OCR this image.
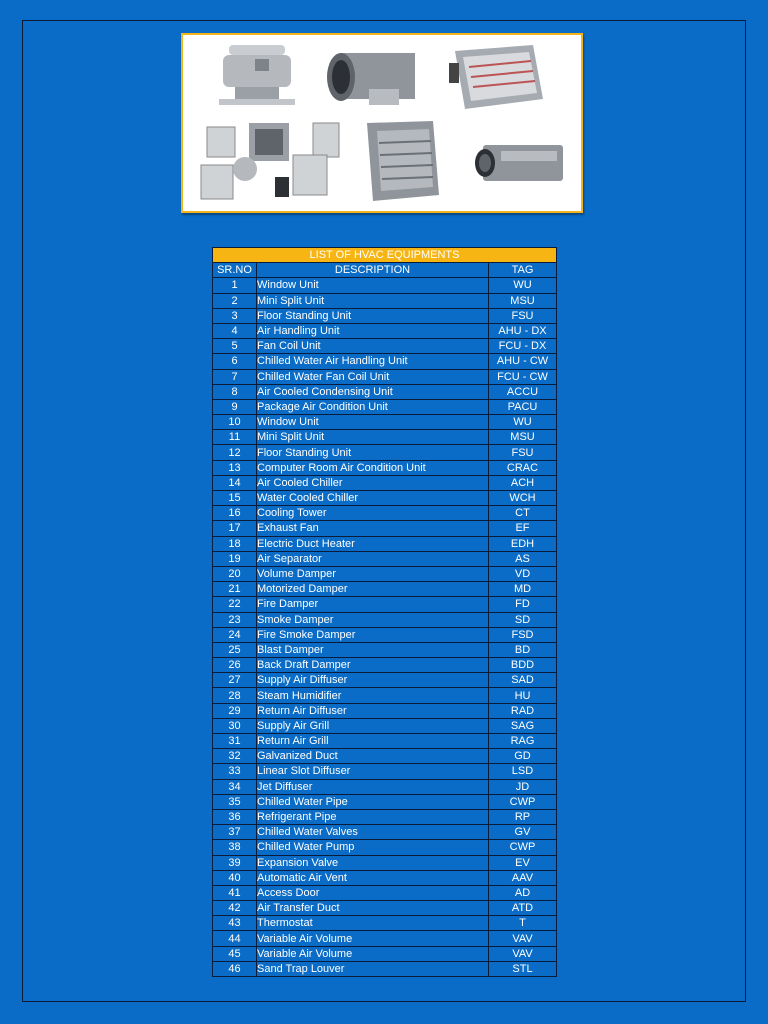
LIST OF HVAC EQUIPMENTS		
SR.NO	DESCRIPTION	TAG
1	Window Unit	WU
2	Mini Split Unit	MSU
3	Floor Standing Unit	FSU
4	Air Handling Unit	AHU - DX
5	Fan Coil Unit	FCU - DX
6	Chilled Water Air Handling Unit	AHU - CW
7	Chilled Water Fan Coil Unit	FCU - CW
8	Air Cooled Condensing Unit	ACCU
9	Package Air Condition Unit	PACU
10	Window Unit	WU
11	Mini Split Unit	MSU
12	Floor Standing Unit	FSU
13	Computer Room Air Condition Unit	CRAC
14	Air Cooled Chiller	ACH
15	Water Cooled Chiller	WCH
16	Cooling Tower	CT
17	Exhaust Fan	EF
18	Electric Duct Heater	EDH
19	Air Separator	AS
20	Volume Damper	VD
21	Motorized Damper	MD
22	Fire Damper	FD
23	Smoke Damper	SD
24	Fire Smoke Damper	FSD
25	Blast Damper	BD
26	Back Draft Damper	BDD
27	Supply Air Diffuser	SAD
28	Steam Humidifier	HU
29	Return Air Diffuser	RAD
30	Supply Air Grill	SAG
31	Return Air Grill	RAG
32	Galvanized Duct	GD
33	Linear Slot Diffuser	LSD
34	Jet Diffuser	JD
35	Chilled Water Pipe	CWP
36	Refrigerant Pipe	RP
37	Chilled Water Valves	GV
38	Chilled Water Pump	CWP
39	Expansion Valve	EV
40	Automatic Air Vent	AAV
41	Access Door	AD
42	Air Transfer Duct	ATD
43	Thermostat	T
44	Variable Air Volume	VAV
45	Variable Air Volume	VAV
46	Sand Trap Louver	STL
